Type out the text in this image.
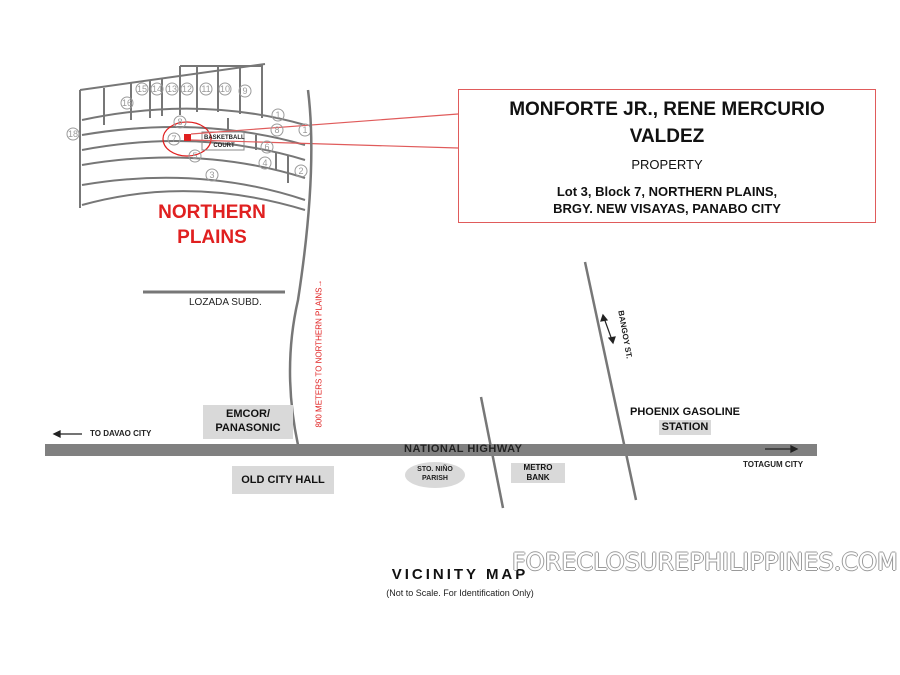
15 14 13 12 11 10 9
16
18
8
7
1
8	1
6
5
4
3	2
MONFORTE JR., RENE MERCURIO
VALDEZ
PROPERTY
Lot 3, Block 7, NORTHERN PLAINS,
BRGY. NEW VISAYAS, PANABO CITY
NORTHERN PLAINS
BASKETBALL COURT
LOZADA SUBD.	800 METERS TO NORTHERN PLAINS→	BANGOY ST.
EMCOR/
PANASONIC
PHOENIX GASOLINE
STATION
NATIONAL HIGHWAY
TO DAVAO CITY
TOTAGUM CITY
OLD CITY HALL
STO. NIÑO
PARISH
METRO
BANK
VICINITY MAP
(Not to Scale. For Identification Only)
FORECLOSUREPHILIPPINES.COM
